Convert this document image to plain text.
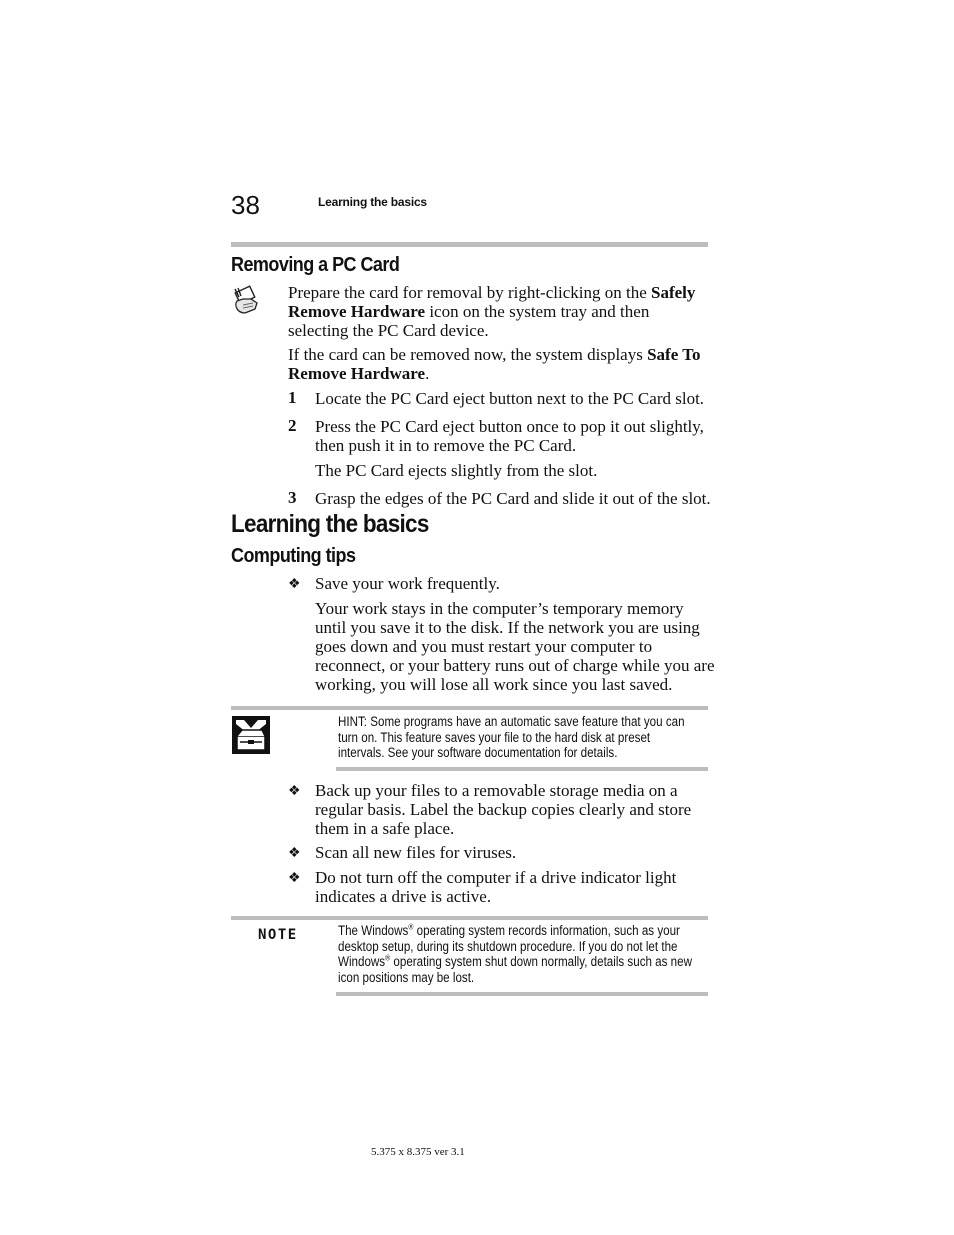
38	Learning the basics
Removing a PC Card
Prepare the card for removal by right-clicking on the Safely
Remove Hardware icon on the system tray and then
selecting the PC Card device.
If the card can be removed now, the system displays Safe To
Remove Hardware.
1 Locate the PC Card eject button next to the PC Card slot.
2 Press the PC Card eject button once to pop it out slightly,
then push it in to remove the PC Card.
The PC Card ejects slightly from the slot.
3 Grasp the edges of the PC Card and slide it out of the slot.
Learning the basics
Computing tips
❖ Save your work frequently.
Your work stays in the computer’s temporary memory
until you save it to the disk. If the network you are using
goes down and you must restart your computer to
reconnect, or your battery runs out of charge while you are
working, you will lose all work since you last saved.
HINT: Some programs have an automatic save feature that you can
turn on. This feature saves your file to the hard disk at preset
intervals. See your software documentation for details.
❖ Back up your files to a removable storage media on a
regular basis. Label the backup copies clearly and store
them in a safe place.
❖ Scan all new files for viruses.
❖ Do not turn off the computer if a drive indicator light
indicates a drive is active.
NOTE	The Windows® operating system records information, such as your
desktop setup, during its shutdown procedure. If you do not let the
Windows® operating system shut down normally, details such as new
icon positions may be lost.
5.375 x 8.375 ver 3.1
